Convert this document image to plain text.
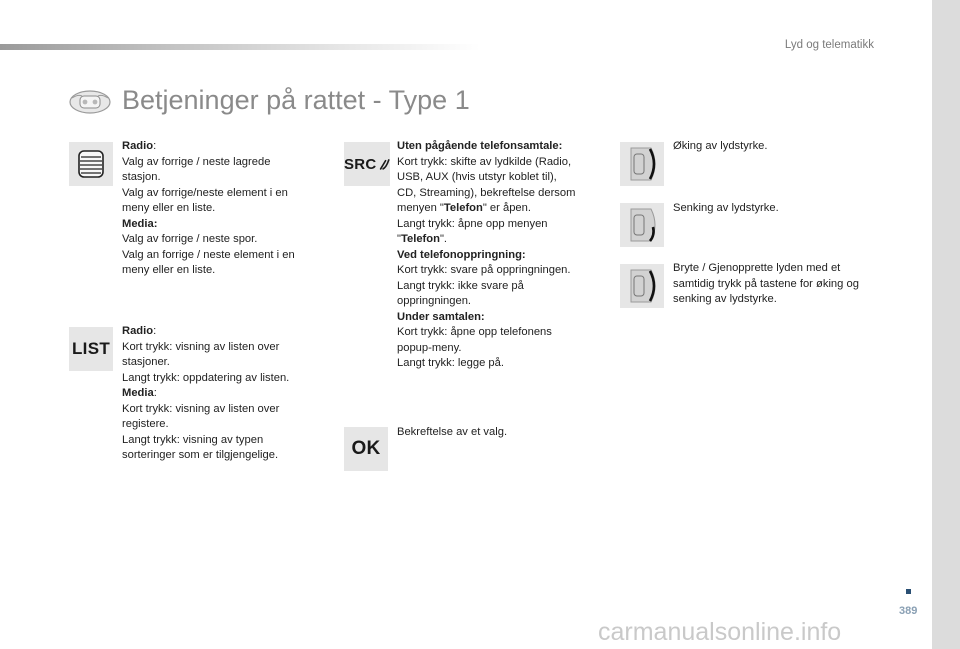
Lyd og telematikk
Betjeninger på rattet - Type 1

Radio:

Valg av forrige / neste lagrede

stasjon.

Valg av forrige/neste element i en

meny eller en liste.

Media:

Valg av forrige / neste spor.

Valg an forrige / neste element i en

meny eller en liste.

LIST

Radio:

Kort trykk: visning av listen over

stasjoner.

Langt trykk: oppdatering av listen.

Media:

Kort trykk: visning av listen over

registere.

Langt trykk: visning av typen

sorteringer som er tilgjengelige.

SRC

Uten pågående telefonsamtale:

Kort trykk: skifte av lydkilde (Radio,

USB, AUX (hvis utstyr koblet til),

CD, Streaming), bekreftelse dersom

menyen "Telefon" er åpen.

Langt trykk: åpne opp menyen

"Telefon".

Ved telefonoppringning:

Kort trykk: svare på oppringningen.

Langt trykk: ikke svare på

oppringningen.

Under samtalen:

Kort trykk: åpne opp telefonens

popup-meny.

Langt trykk: legge på.

OK
Bekreftelse av et valg.
Øking av lydstyrke.
Senking av lydstyrke.

Bryte / Gjenopprette lyden med et

samtidig trykk på tastene for øking og

senking av lydstyrke.

389
carmanualsonline.info
